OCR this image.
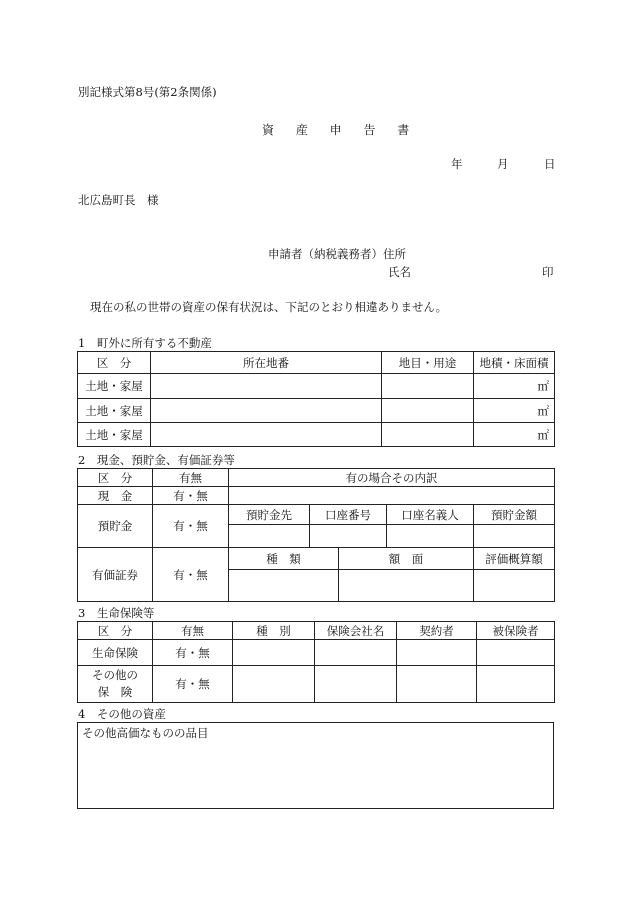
別記様式第8号(第2条関係)
資 産 申 告 書
年	月	日
北広島町長　様
申請者（納税義務者）住所
氏名	印
現在の私の世帯の資産の保有状況は、下記のとおり相違ありません。
1　町外に所有する不動産
区　分	所在地番	地目・用途	地積・床面積
土地・家屋			㎡
土地・家屋			㎡
土地・家屋			㎡
2　現金、預貯金、有価証券等
区　分	有無	有の場合その内訳				
現　金	有・無					
預貯金	有・無	預貯金先	口座番号		口座名義人	預貯金額

有価証券	有・無	種　類		額　面		評価概算額

3　生命保険等
区　分	有無	種　別	保険会社名	契約者	被保険者
生命保険	有・無				
その他の
保　険	有・無				
4　その他の資産
その他高価なものの品目
